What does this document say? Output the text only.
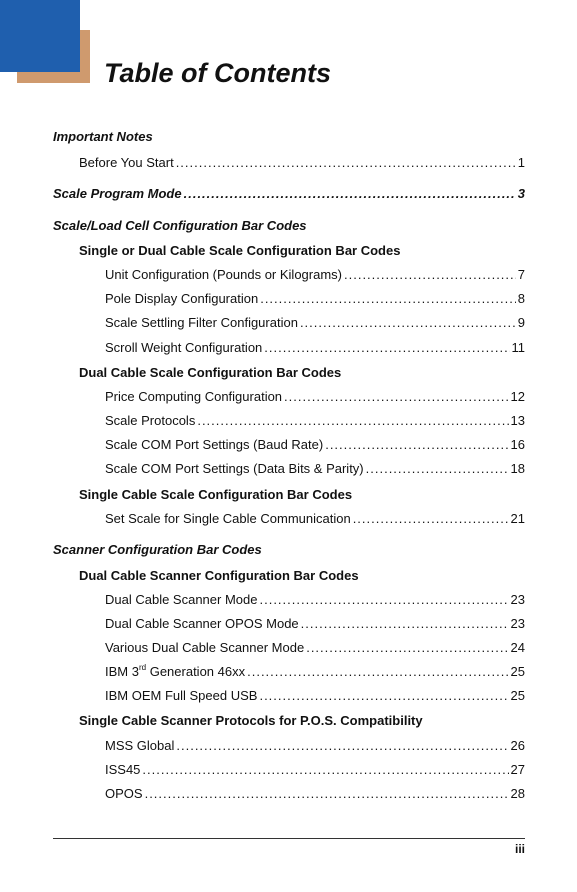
Table of Contents
Important Notes
Before You Start .....	1
Scale Program Mode .....	3
Scale/Load Cell Configuration Bar Codes
Single or Dual Cable Scale Configuration Bar Codes
Unit Configuration (Pounds or Kilograms) .....	7
Pole Display Configuration .....	8
Scale Settling Filter Configuration .....	9
Scroll Weight Configuration .....	11
Dual Cable Scale Configuration Bar Codes
Price Computing Configuration .....	12
Scale Protocols .....	13
Scale COM Port Settings (Baud Rate) .....	16
Scale COM Port Settings (Data Bits & Parity) .....	18
Single Cable Scale Configuration Bar Codes
Set Scale for Single Cable Communication .....	21
Scanner Configuration Bar Codes
Dual Cable Scanner Configuration Bar Codes
Dual Cable Scanner Mode .....	23
Dual Cable Scanner OPOS Mode .....	23
Various Dual Cable Scanner Mode .....	24
IBM 3rd Generation 46xx .....	25
IBM OEM Full Speed USB .....	25
Single Cable Scanner Protocols for P.O.S. Compatibility
MSS Global .....	26
ISS45 .....	27
OPOS .....	28
iii
